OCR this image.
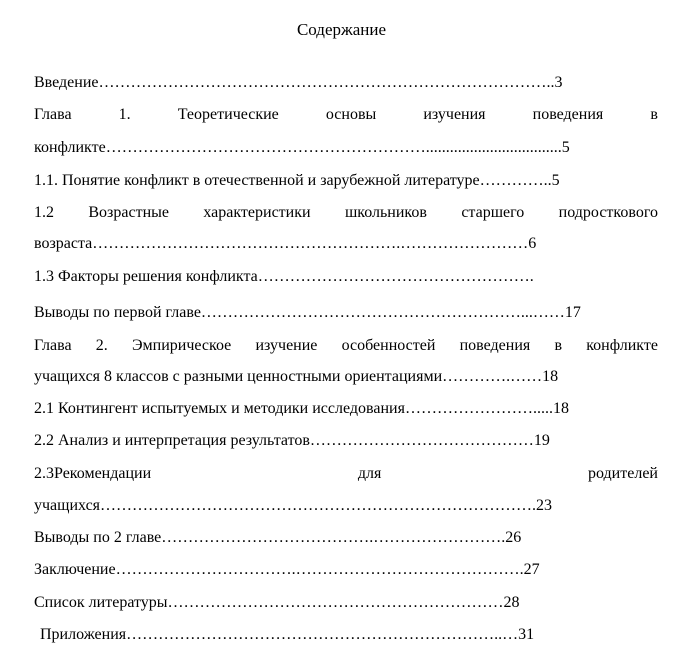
Содержание
Введение…………………………………………………………………………..3
Глава	1.	Теоретические	основы	изучения	поведения	в
конфликте……………………………………………………..................................5
1.1. Понятие конфликт в отечественной и зарубежной литературе…………..5
1.2 Возрастные характеристики школьников старшего подросткового
возраста………………………………………………….……………………6
1.3 Факторы решения конфликта…………………………………………….
Выводы по первой главе……………………………………………………...……17
Глава 2. Эмпирическое изучение особенностей поведения в конфликте
учащихся 8 классов с разными ценностными ориентациями………….……18
2.1 Контингент испытуемых и методики исследования…………………….....18
2.2 Анализ и интерпретация результатов……………………………………19
2.3Рекомендации	для	родителей
учащихся……………………………………………………………………….23
Выводы по 2 главе………………………………….…………………….26
Заключение…………………………….…………………………………….27
Список литературы………………………………………………………28
Приложения……………………………………………………………..…31
